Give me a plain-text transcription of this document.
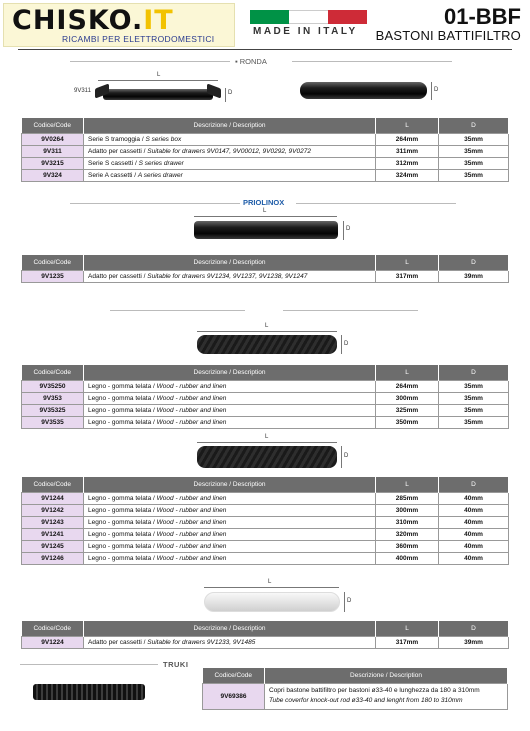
CHISKO.IT
RICAMBI PER ELETTRODOMESTICI
MADE IN ITALY
01-BBF
BASTONI BATTIFILTRO
▪ RONDA
L
9V311	D	D
Codice/Code	Descrizione / Description	L	D
9V0264	Serie S tramoggia / S series box	264mm	35mm
9V311	Adatto per cassetti / Suitable for drawers 9V0147, 9V00012, 9V0292, 9V0272	311mm	35mm
9V3215	Serie S cassetti / S series drawer	312mm	35mm
9V324	Serie A cassetti / A series drawer	324mm	35mm
PRIOLINOX
L
D
Codice/Code	Descrizione / Description	L	D
9V1235	Adatto per cassetti / Suitable for drawers 9V1234, 9V1237, 9V1238, 9V1247	317mm	39mm
L
D
Codice/Code	Descrizione / Description	L	D
9V35250	Legno - gomma telata / Wood - rubber and linen	264mm	35mm
9V353	Legno - gomma telata / Wood - rubber and linen	300mm	35mm
9V35325	Legno - gomma telata / Wood - rubber and linen	325mm	35mm
9V3535	Legno - gomma telata / Wood - rubber and linen	350mm	35mm
L
D
Codice/Code	Descrizione / Description	L	D
9V1244	Legno - gomma telata / Wood - rubber and linen	285mm	40mm
9V1242	Legno - gomma telata / Wood - rubber and linen	300mm	40mm
9V1243	Legno - gomma telata / Wood - rubber and linen	310mm	40mm
9V1241	Legno - gomma telata / Wood - rubber and linen	320mm	40mm
9V1245	Legno - gomma telata / Wood - rubber and linen	360mm	40mm
9V1246	Legno - gomma telata / Wood - rubber and linen	400mm	40mm
L
D
Codice/Code	Descrizione / Description	L	D
9V1224	Adatto per cassetti / Suitable for drawers 9V1233, 9V1485	317mm	39mm
TRUKI
Codice/Code	Descrizione / Description
9V69386	Copri bastone battifiltro per bastoni ø33-40 e lunghezza da 180 a 310mm
Tube coverfor knock-out rod ø33-40 and lenght from 180 to 310mm
